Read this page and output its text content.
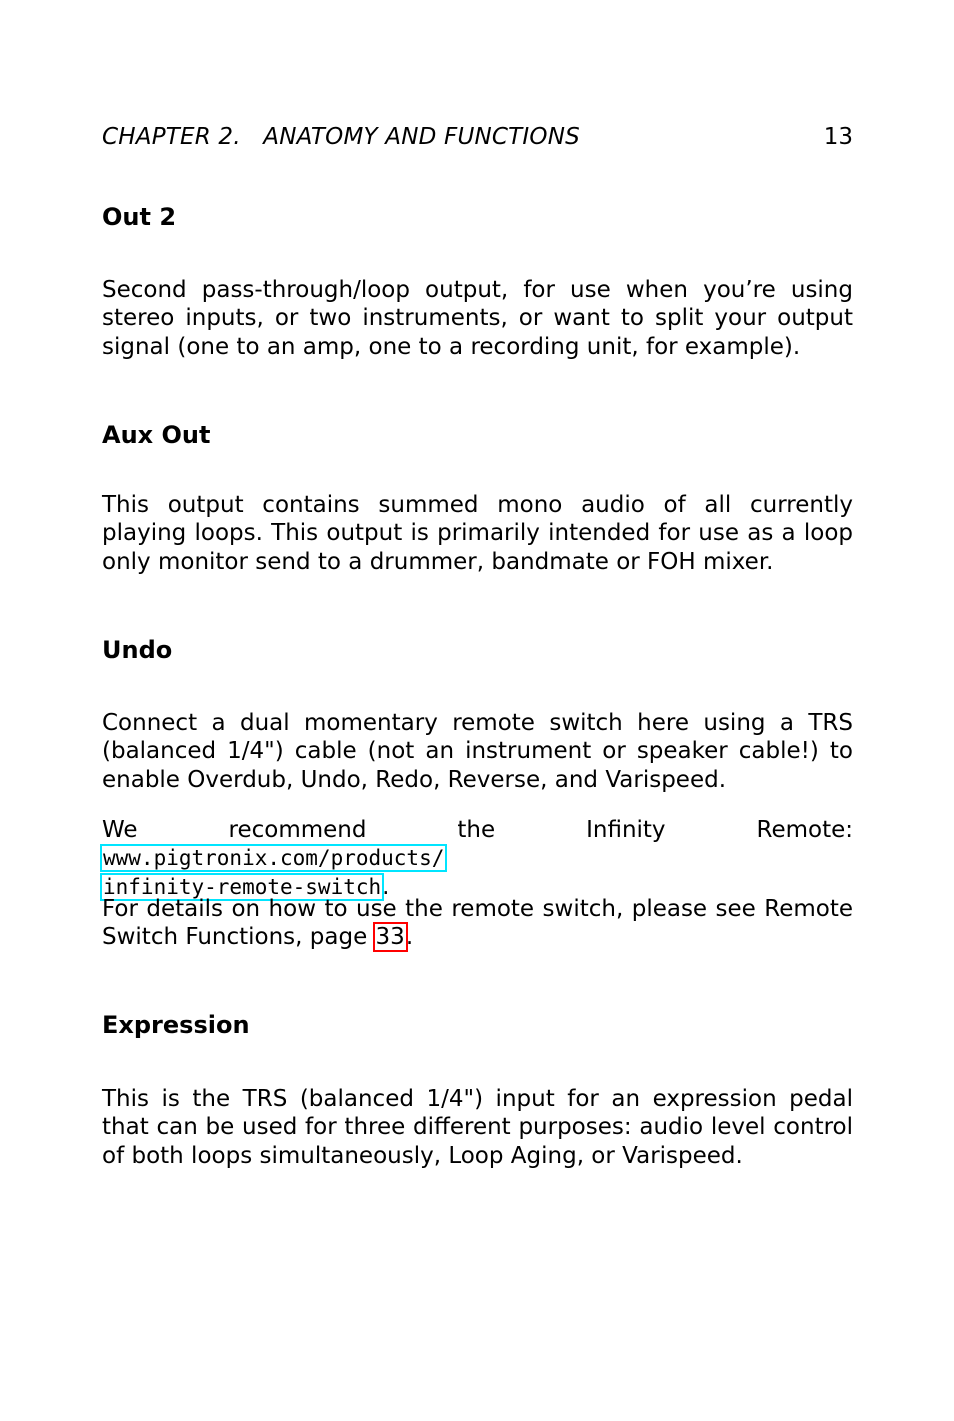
CHAPTER 2.   ANATOMY AND FUNCTIONS	13
Out 2

Second pass-through/loop output, for use when you’re using stereo inputs, or two instruments, or want to split your output signal (one to an amp, one to a recording unit, for example).

Aux Out

This output contains summed mono audio of all currently playing loops. This output is primarily intended for use as a loop only monitor send to a drummer, bandmate or FOH mixer.

Undo

Connect a dual momentary remote switch here using a TRS (balanced 1/4") cable (not an instrument or speaker cable!) to enable Overdub, Undo, Redo, Reverse, and Varispeed.

We recommend the Infinity Remote: www.pigtronix.com/products/
infinity-remote-switch.

For details on how to use the remote switch, please see Remote Switch Functions, page 33.

Expression

This is the TRS (balanced 1/4") input for an expression pedal that can be used for three different purposes: audio level control of both loops simultaneously, Loop Aging, or Varispeed.
